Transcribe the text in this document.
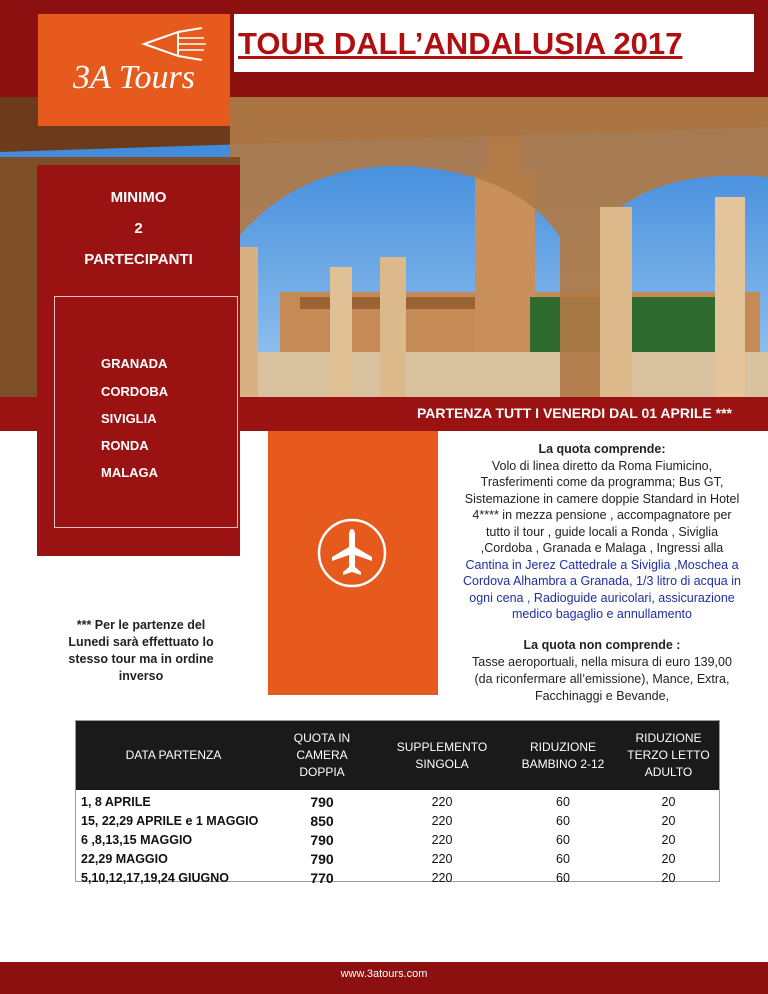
3A Tours
TOUR DALL’ANDALUSIA 2017
PARTENZA TUTT I VENERDI DAL 01 APRILE ***
MINIMO
2
PARTECIPANTI
GRANADA
CORDOBA
SIVIGLIA
RONDA
MALAGA
La quota comprende:
Volo di linea diretto da Roma Fiumicino, Trasferimenti come da programma; Bus GT, Sistemazione in camere doppie Standard in Hotel 4**** in mezza pensione , accompagnatore per tutto il tour , guide locali a Ronda , Siviglia ,Cordoba , Granada e Malaga , Ingressi alla Cantina in Jerez Cattedrale a Siviglia ,Moschea a Cordova Alhambra a Granada, 1/3 litro di acqua in ogni cena , Radioguide auricolari, assicurazione medico bagaglio e annullamento
*** Per le partenze del Lunedi sarà effettuato lo stesso tour ma in ordine inverso
La quota non comprende :
Tasse aeroportuali, nella misura di euro 139,00 (da riconfermare all’emissione), Mance, Extra, Facchinaggi e Bevande,
DATA PARTENZA
QUOTA IN CAMERA DOPPIA
SUPPLEMENTO SINGOLA
RIDUZIONE BAMBINO 2-12
RIDUZIONE TERZO LETTO ADULTO
1, 8 APRILE
15, 22,29 APRILE e 1 MAGGIO
6 ,8,13,15 MAGGIO
22,29 MAGGIO
5,10,12,17,19,24 GIUGNO
790
850
790
790
770
220
220
220
220
220
60
60
60
60
60
20
20
20
20
20
www.3atours.com
